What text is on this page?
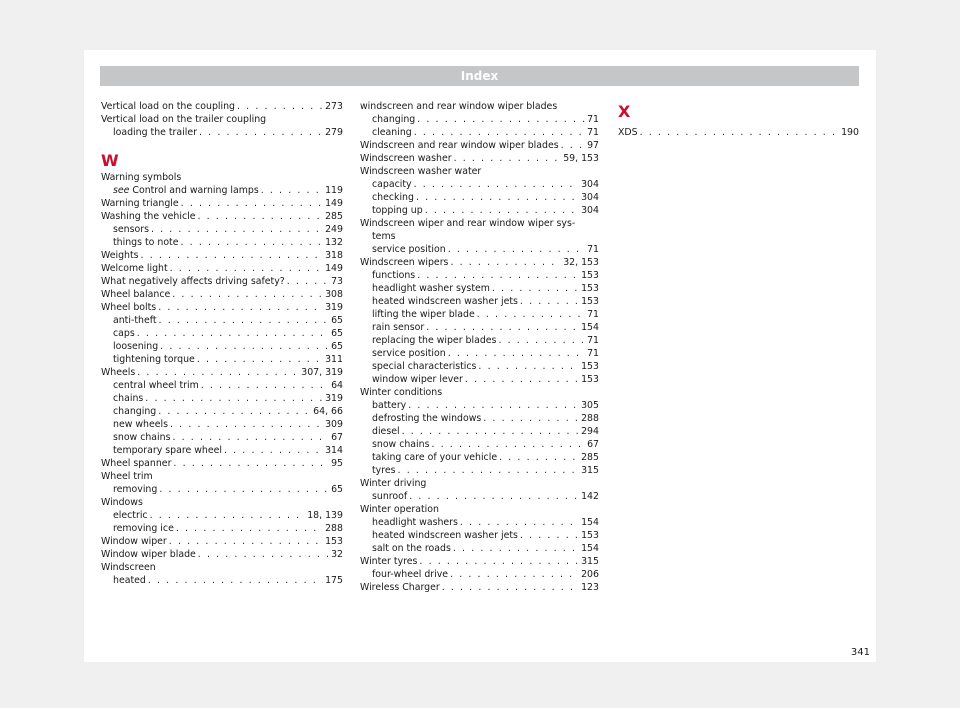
Index
W
X
Vertical load on the coupling . . .	273
Vertical load on the trailer coupling
loading the trailer . . .	279
Warning symbols
see Control and warning lamps . . .	119
Warning triangle . . .	149
Washing the vehicle . . .	285
sensors . . .	249
things to note . . .	132
Weights . . .	318
Welcome light . . .	149
What negatively affects driving safety? . . .	73
Wheel balance . . .	308
Wheel bolts . . .	319
anti-theft . . .	65
caps . . .	65
loosening . . .	65
tightening torque . . .	311
Wheels . . .	307, 319
central wheel trim . . .	64
chains . . .	319
changing . . .	64, 66
new wheels . . .	309
snow chains . . .	67
temporary spare wheel . . .	314
Wheel spanner . . .	95
Wheel trim
removing . . .	65
Windows
electric . . .	18, 139
removing ice . . .	288
Window wiper . . .	153
Window wiper blade . . .	32
Windscreen
heated . . .	175
windscreen and rear window wiper blades
changing . . .	71
cleaning . . .	71
Windscreen and rear window wiper blades . . .	97
Windscreen washer . . .	59, 153
Windscreen washer water
capacity . . .	304
checking . . .	304
topping up . . .	304
Windscreen wiper and rear window wiper sys-
tems
service position . . .	71
Windscreen wipers . . .	32, 153
functions . . .	153
headlight washer system . . .	153
heated windscreen washer jets . . .	153
lifting the wiper blade . . .	71
rain sensor . . .	154
replacing the wiper blades . . .	71
service position . . .	71
special characteristics . . .	153
window wiper lever . . .	153
Winter conditions
battery . . .	305
defrosting the windows . . .	288
diesel . . .	294
snow chains . . .	67
taking care of your vehicle . . .	285
tyres . . .	315
Winter driving
sunroof . . .	142
Winter operation
headlight washers . . .	154
heated windscreen washer jets . . .	153
salt on the roads . . .	154
Winter tyres . . .	315
four-wheel drive . . .	206
Wireless Charger . . .	123
XDS . . .	190
341
